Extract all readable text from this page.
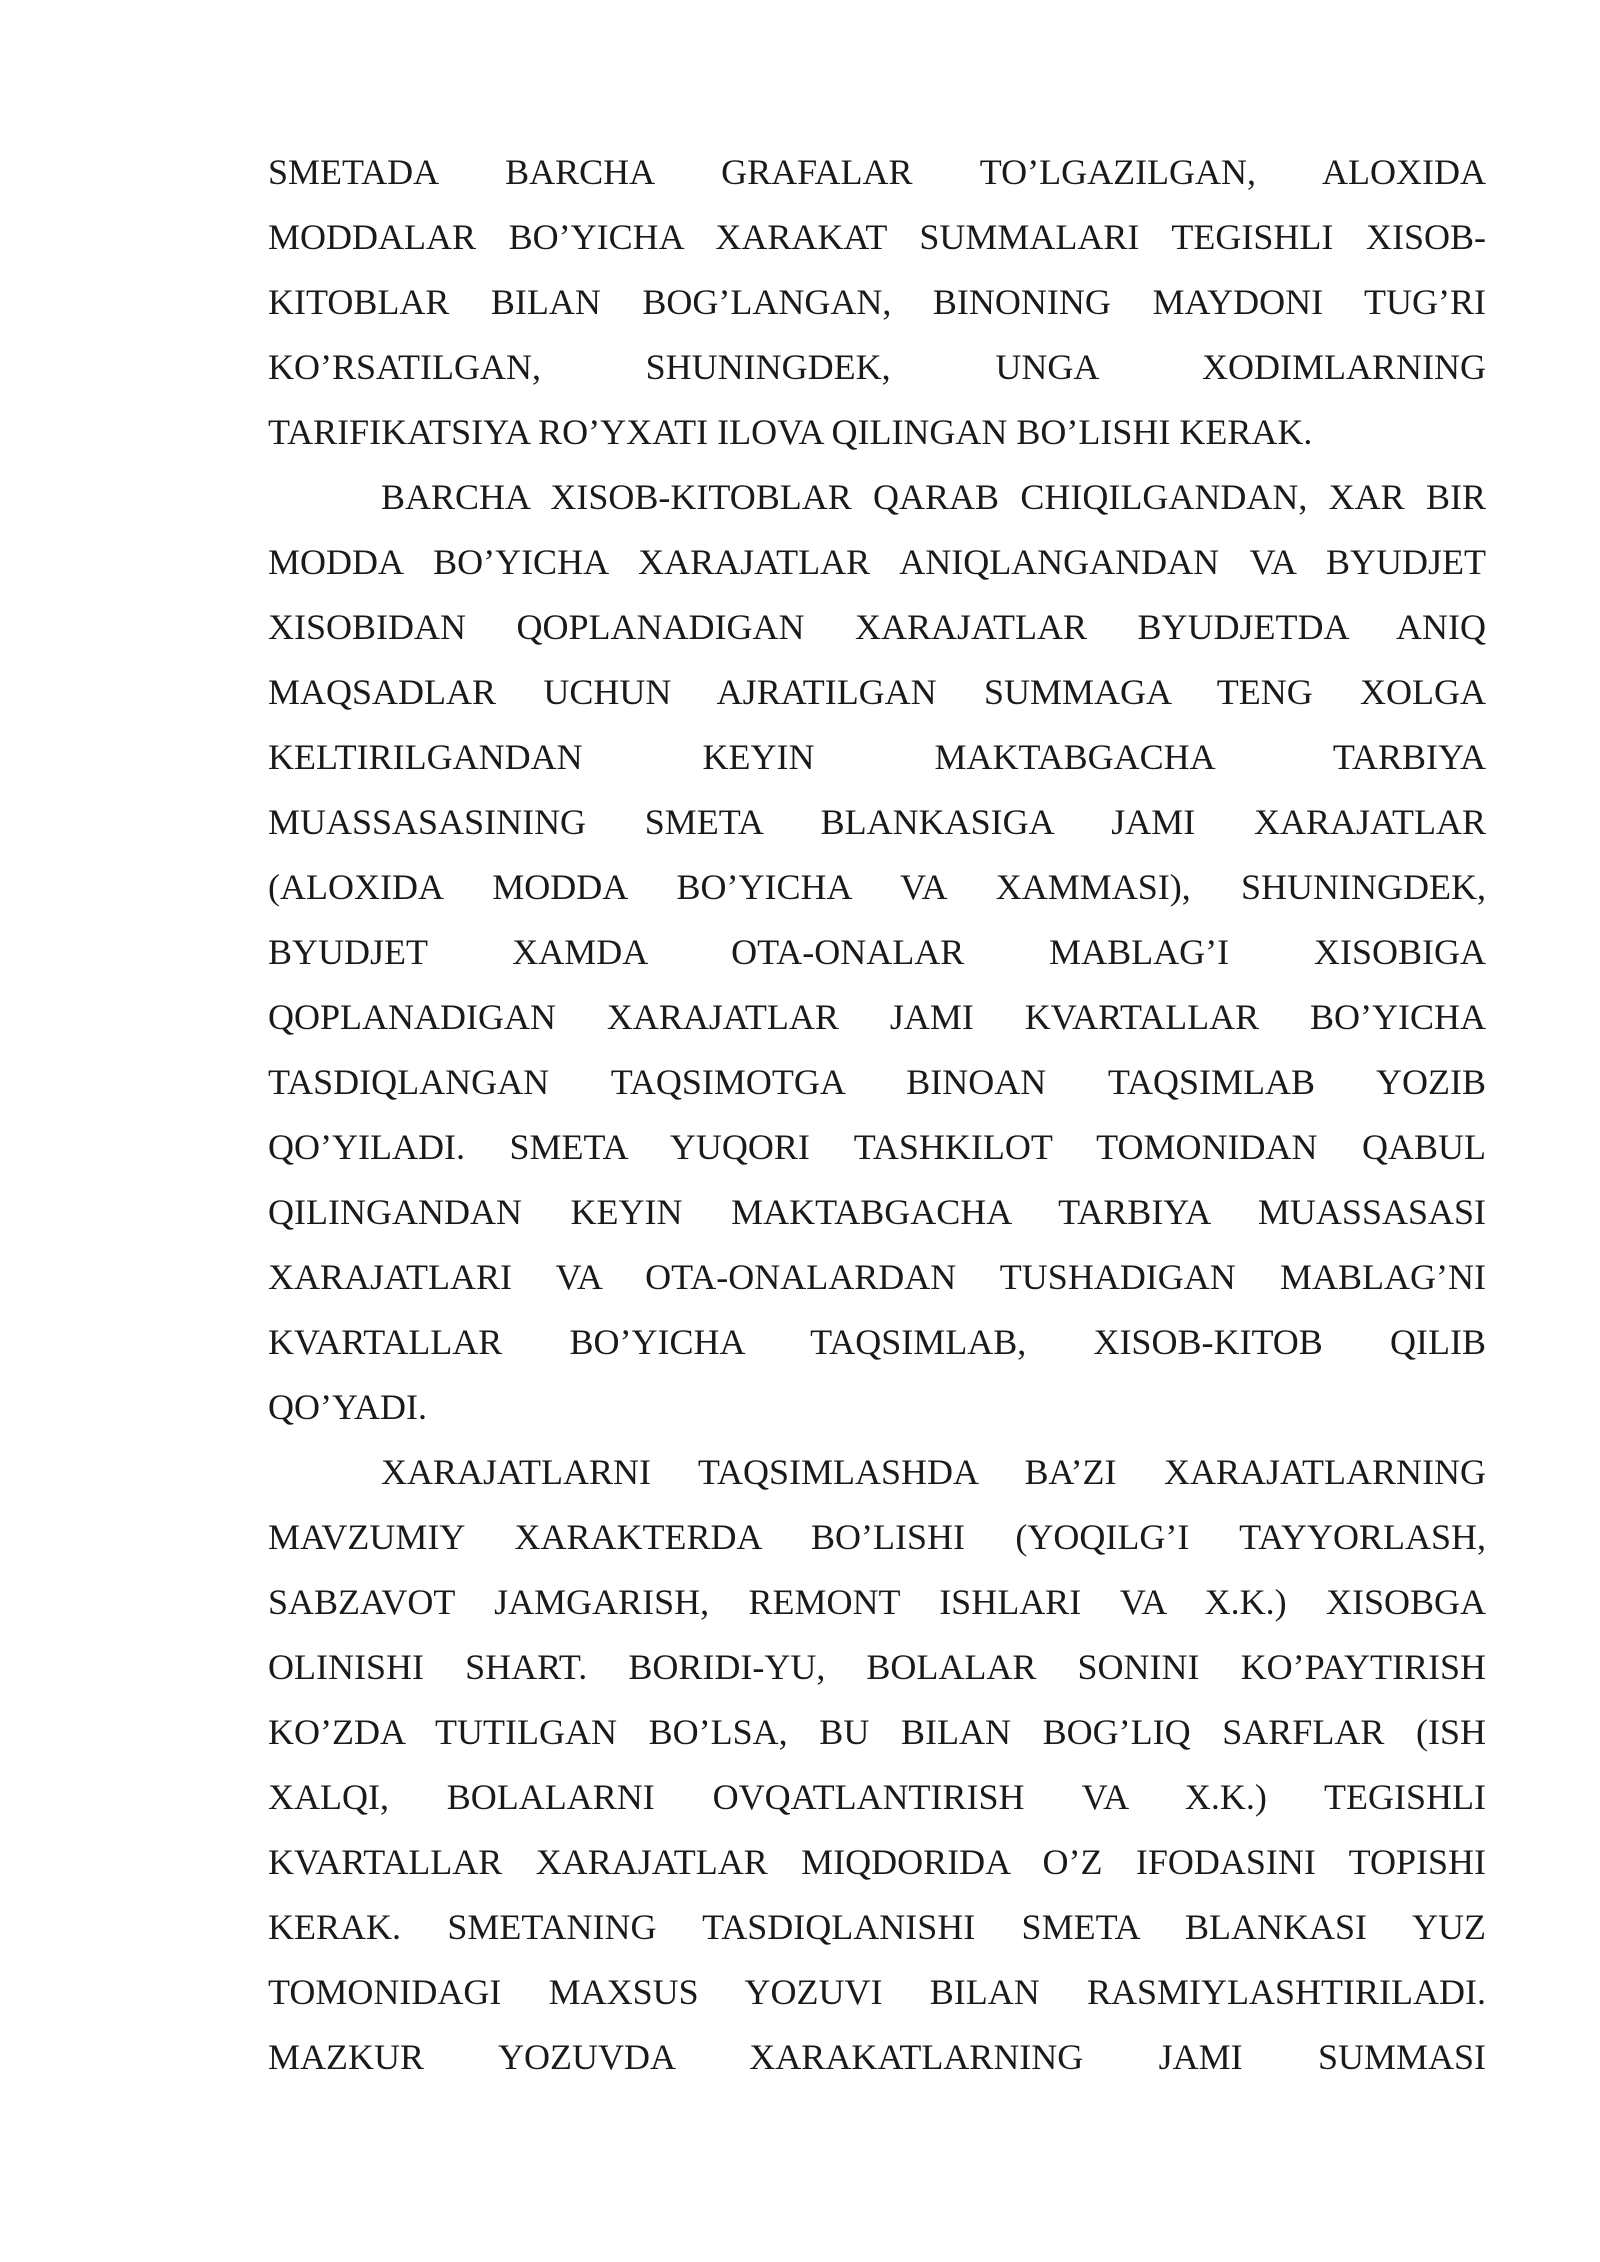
SMETADA BARCHA GRAFALAR TO’LGAZILGAN, ALOXIDA
MODDALAR BO’YICHA XARAKAT SUMMALARI TEGISHLI XISOB-
KITOBLAR BILAN BOG’LANGAN, BINONING MAYDONI TUG’RI
KO’RSATILGAN, SHUNINGDEK, UNGA XODIMLARNING
TARIFIKATSIYA RO’YXATI ILOVA QILINGAN BO’LISHI KERAK.
BARCHA XISOB-KITOBLAR QARAB CHIQILGANDAN, XAR BIR
MODDA BO’YICHA XARAJATLAR ANIQLANGANDAN VA BYUDJET
XISOBIDAN QOPLANADIGAN XARAJATLAR BYUDJETDA ANIQ
MAQSADLAR UCHUN AJRATILGAN SUMMAGA TENG XOLGA
KELTIRILGANDAN KEYIN MAKTABGACHA TARBIYA
MUASSASASINING SMETA BLANKASIGA JAMI XARAJATLAR
(ALOXIDA MODDA BO’YICHA VA XAMMASI), SHUNINGDEK,
BYUDJET XAMDA OTA-ONALAR MABLAG’I XISOBIGA
QOPLANADIGAN XARAJATLAR JAMI KVARTALLAR BO’YICHA
TASDIQLANGAN TAQSIMOTGA BINOAN TAQSIMLAB YOZIB
QO’YILADI. SMETA YUQORI TASHKILOT TOMONIDAN QABUL
QILINGANDAN KEYIN MAKTABGACHA TARBIYA MUASSASASI
XARAJATLARI VA OTA-ONALARDAN TUSHADIGAN MABLAG’NI
KVARTALLAR BO’YICHA TAQSIMLAB, XISOB-KITOB QILIB
QO’YADI.
XARAJATLARNI TAQSIMLASHDA BA’ZI XARAJATLARNING
MAVZUMIY XARAKTERDA BO’LISHI (YOQILG’I TAYYORLASH,
SABZAVOT JAMGARISH, REMONT ISHLARI VA X.K.) XISOBGA
OLINISHI SHART. BORIDI-YU, BOLALAR SONINI KO’PAYTIRISH
KO’ZDA TUTILGAN BO’LSA, BU BILAN BOG’LIQ SARFLAR (ISH
XALQI, BOLALARNI OVQATLANTIRISH VA X.K.) TEGISHLI
KVARTALLAR XARAJATLAR MIQDORIDA O’Z IFODASINI TOPISHI
KERAK. SMETANING TASDIQLANISHI SMETA BLANKASI YUZ
TOMONIDAGI MAXSUS YOZUVI BILAN RASMIYLASHTIRILADI.
MAZKUR YOZUVDA XARAKATLARNING JAMI SUMMASI
